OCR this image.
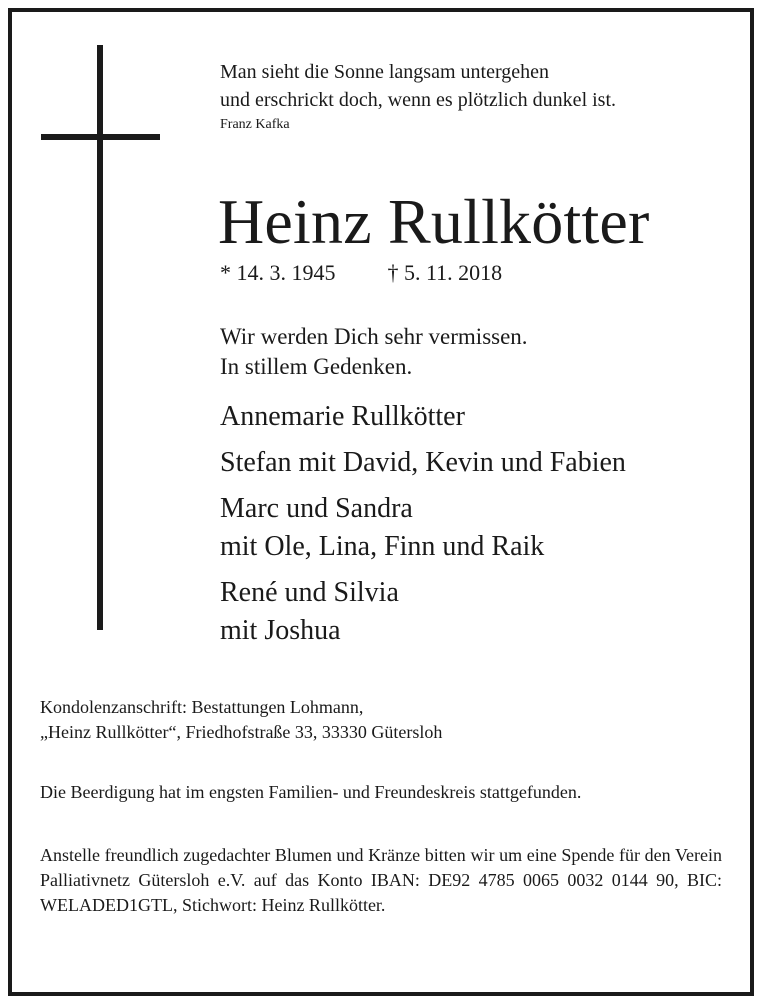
Man sieht die Sonne langsam untergehen
und erschrickt doch, wenn es plötzlich dunkel ist.
Franz Kafka
Heinz Rullkötter
* 14. 3. 1945 † 5. 11. 2018
Wir werden Dich sehr vermissen.
In stillem Gedenken.
Annemarie Rullkötter
Stefan mit David, Kevin und Fabien
Marc und Sandra
mit Ole, Lina, Finn und Raik
René und Silvia
mit Joshua
Kondolenzanschrift: Bestattungen Lohmann,
„Heinz Rullkötter“, Friedhofstraße 33, 33330 Gütersloh
Die Beerdigung hat im engsten Familien- und Freundeskreis stattgefunden.
Anstelle freundlich zugedachter Blumen und Kränze bitten wir um eine Spende für den Verein Palliativnetz Gütersloh e.V. auf das Konto IBAN: DE92 4785 0065 0032 0144 90, BIC: WELADED1GTL, Stichwort: Heinz Rullkötter.
